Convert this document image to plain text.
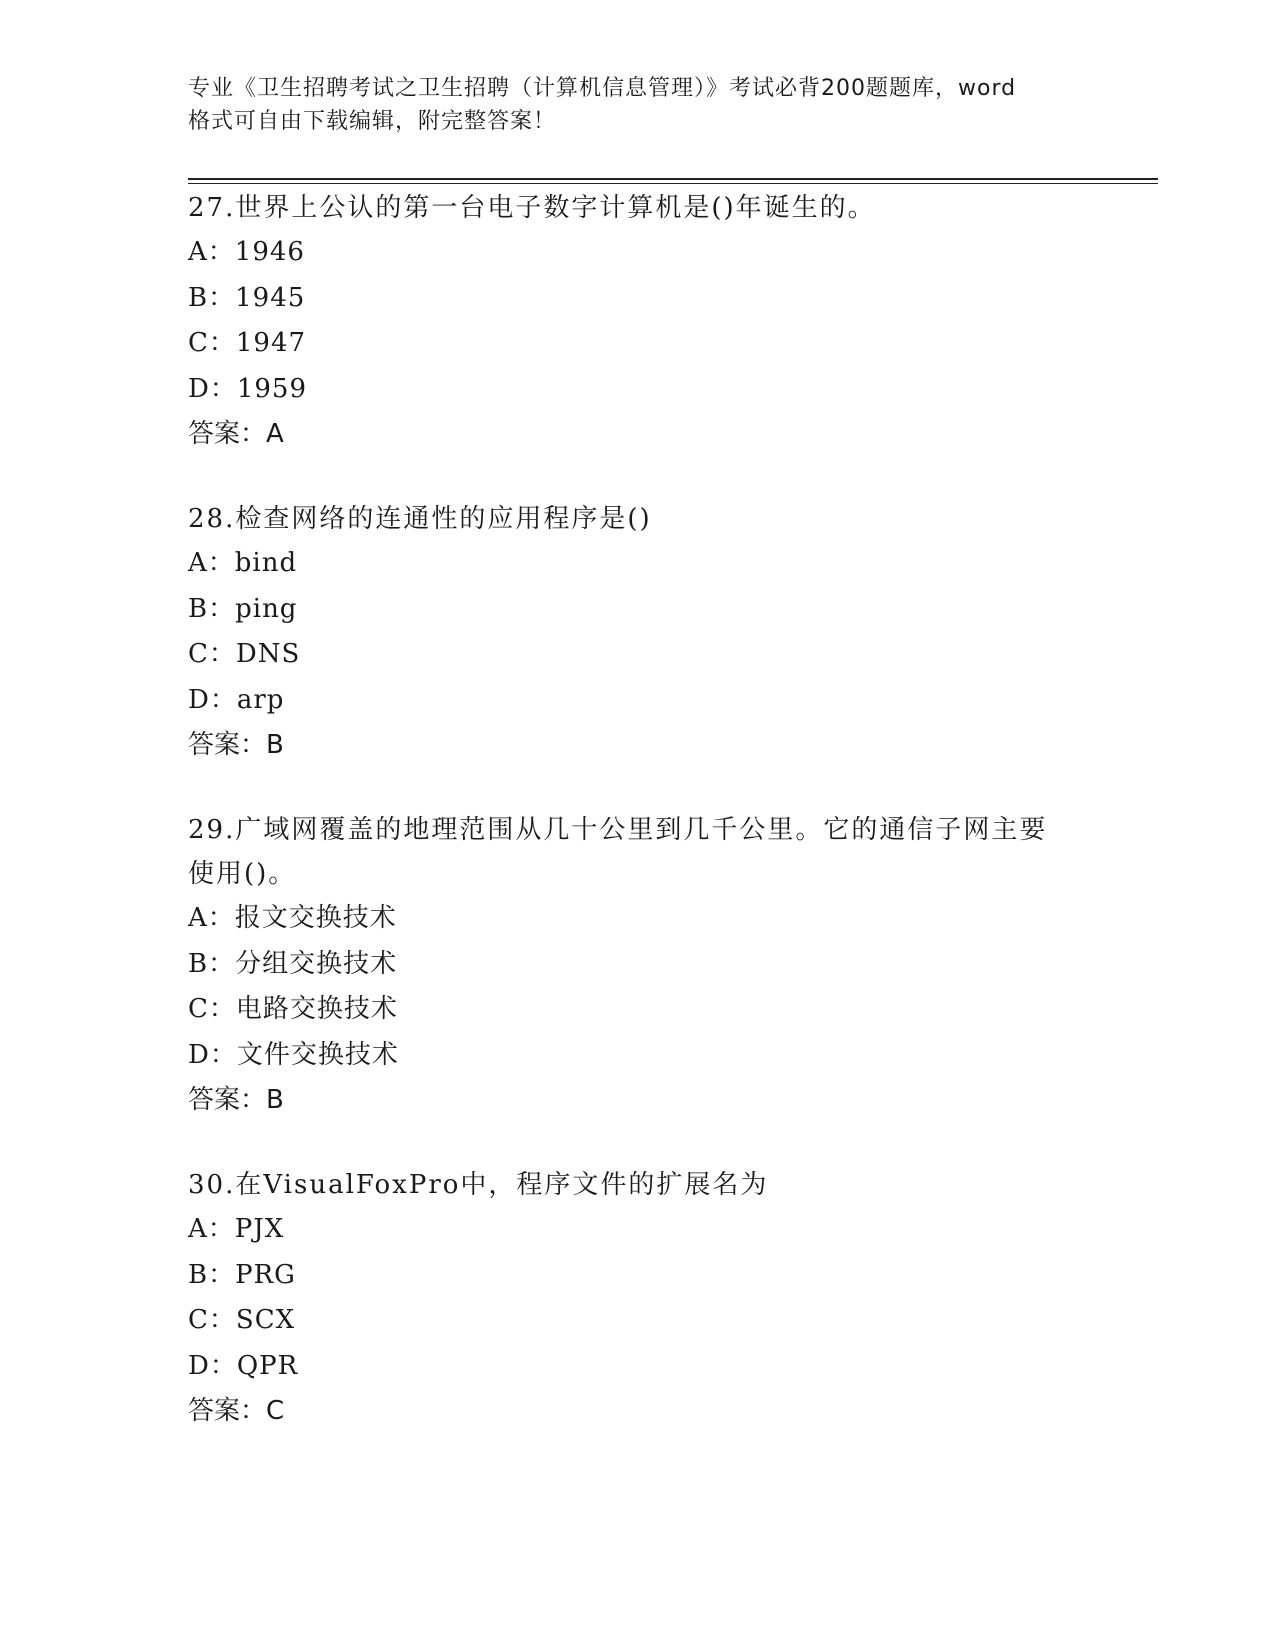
专业《卫生招聘考试之卫生招聘（计算机信息管理）》考试必背200题题库，word
格式可自由下载编辑，附完整答案！

27.世界上公认的第一台电子数字计算机是()年诞生的。

A：1946

B：1945

C：1947

D：1959

答案：A

28.检查网络的连通性的应用程序是()

A：bind

B：ping

C：DNS

D：arp

答案：B

29.广域网覆盖的地理范围从几十公里到几千公里。它的通信子网主要

使用()。

A：报文交换技术

B：分组交换技术

C：电路交换技术

D：文件交换技术

答案：B

30.在VisualFoxPro中，程序文件的扩展名为

A：PJX

B：PRG

C：SCX

D：QPR

答案：C
